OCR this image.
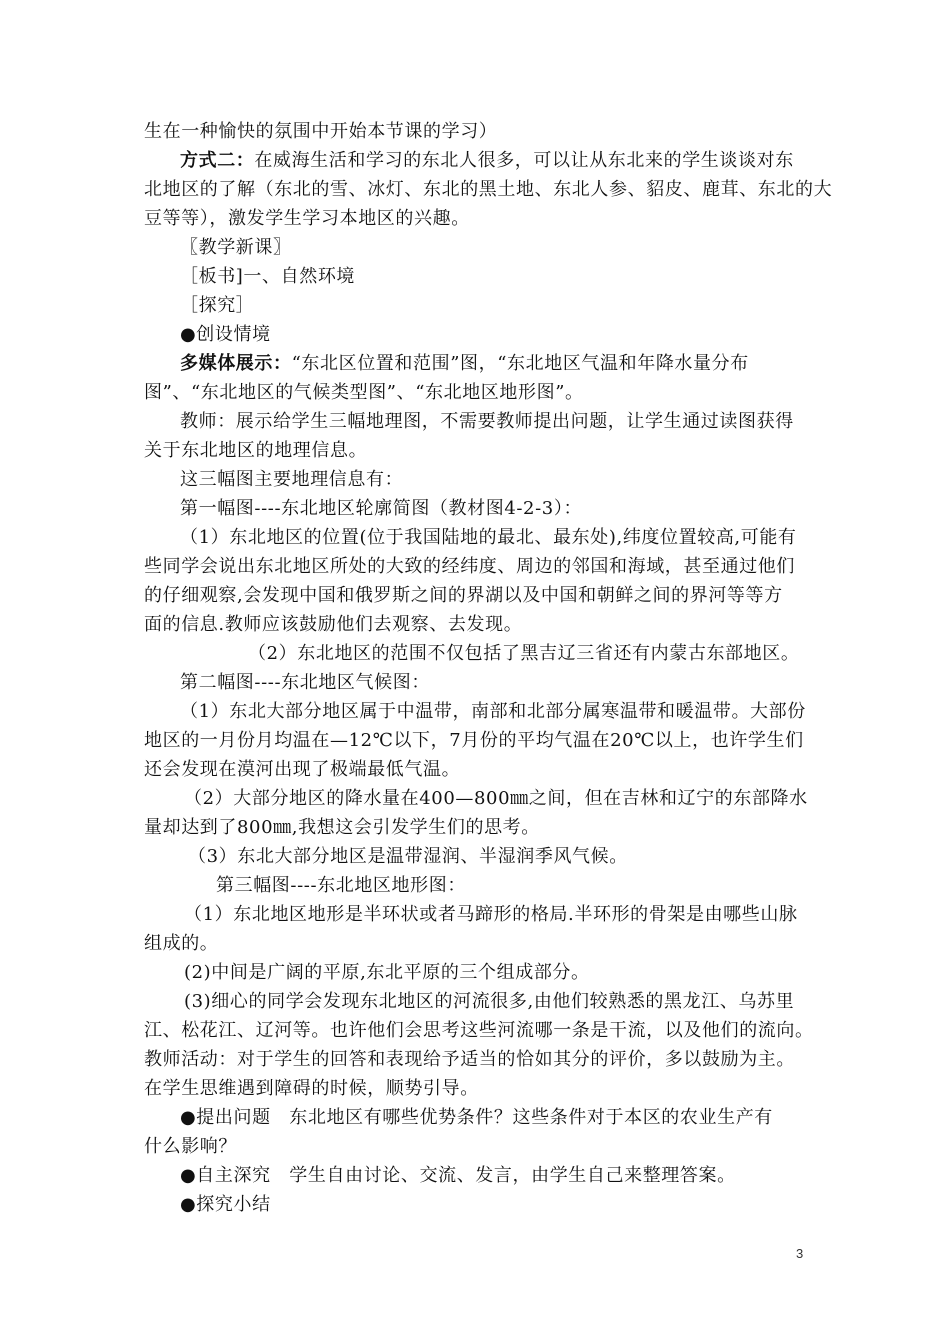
生在一种愉快的氛围中开始本节课的学习）
方式二：在威海生活和学习的东北人很多，可以让从东北来的学生谈谈对东
北地区的了解（东北的雪、冰灯、东北的黑土地、东北人参、貂皮、鹿茸、东北的大
豆等等），激发学生学习本地区的兴趣。
〖教学新课〗
［板书]一、自然环境
［探究］
●创设情境
多媒体展示：“东北区位置和范围”图，“东北地区气温和年降水量分布
图”、“东北地区的气候类型图”、“东北地区地形图”。
教师：展示给学生三幅地理图，不需要教师提出问题，让学生通过读图获得
关于东北地区的地理信息。
这三幅图主要地理信息有：
第一幅图----东北地区轮廓简图（教材图4-2-3）：
（1）东北地区的位置(位于我国陆地的最北、最东处),纬度位置较高,可能有
些同学会说出东北地区所处的大致的经纬度、周边的邻国和海域，甚至通过他们
的仔细观察,会发现中国和俄罗斯之间的界湖以及中国和朝鲜之间的界河等等方
面的信息.教师应该鼓励他们去观察、去发现。
（2）东北地区的范围不仅包括了黑吉辽三省还有内蒙古东部地区。
第二幅图----东北地区气候图：
（1）东北大部分地区属于中温带，南部和北部分属寒温带和暖温带。大部份
地区的一月份月均温在—12℃以下，7月份的平均气温在20℃以上，也许学生们
还会发现在漠河出现了极端最低气温。
（2）大部分地区的降水量在400—800㎜之间，但在吉林和辽宁的东部降水
量却达到了800㎜,我想这会引发学生们的思考。
（3）东北大部分地区是温带湿润、半湿润季风气候。
第三幅图----东北地区地形图：
（1）东北地区地形是半环状或者马蹄形的格局.半环形的骨架是由哪些山脉
组成的。
(2)中间是广阔的平原,东北平原的三个组成部分。
(3)细心的同学会发现东北地区的河流很多,由他们较熟悉的黑龙江、乌苏里
江、松花江、辽河等。也许他们会思考这些河流哪一条是干流，以及他们的流向。
教师活动：对于学生的回答和表现给予适当的恰如其分的评价，多以鼓励为主。
在学生思维遇到障碍的时候，顺势引导。
●提出问题　东北地区有哪些优势条件？这些条件对于本区的农业生产有
什么影响？
●自主深究　学生自由讨论、交流、发言，由学生自己来整理答案。
●探究小结
3
